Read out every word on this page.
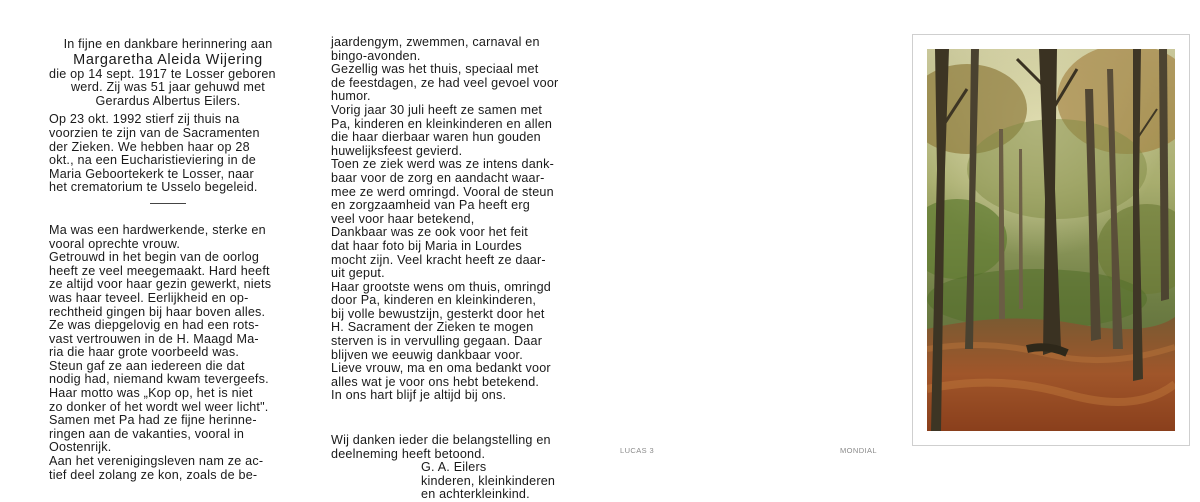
In fijne en dankbare herinnering aan

Margaretha Aleida Wijering

die op 14 sept. 1917 te Losser geboren

werd. Zij was 51 jaar gehuwd met

Gerardus Albertus Eilers.

Op 23 okt. 1992 stierf zij thuis na

voorzien te zijn van de Sacramenten

der Zieken. We hebben haar op 28

okt., na een Eucharistieviering in de

Maria Geboortekerk te Losser, naar

het crematorium te Usselo begeleid.

Ma was een hardwerkende, sterke en

vooral oprechte vrouw.

Getrouwd in het begin van de oorlog

heeft ze veel meegemaakt. Hard heeft

ze altijd voor haar gezin gewerkt, niets

was haar teveel. Eerlijkheid en op-

rechtheid gingen bij haar boven alles.

Ze was diepgelovig en had een rots-

vast vertrouwen in de H. Maagd Ma-

ria die haar grote voorbeeld was.

Steun gaf ze aan iedereen die dat

nodig had, niemand kwam tevergeefs.

Haar motto was „Kop op, het is niet

zo donker of het wordt wel weer licht".

Samen met Pa had ze fijne herinne-

ringen aan de vakanties, vooral in

Oostenrijk.

Aan het verenigingsleven nam ze ac-

tief deel zolang ze kon, zoals de be-

jaardengym, zwemmen, carnaval en

bingo-avonden.

Gezellig was het thuis, speciaal met

de feestdagen, ze had veel gevoel voor

humor.

Vorig jaar 30 juli heeft ze samen met

Pa, kinderen en kleinkinderen en allen

die haar dierbaar waren hun gouden

huwelijksfeest gevierd.

Toen ze ziek werd was ze intens dank-

baar voor de zorg en aandacht waar-

mee ze werd omringd. Vooral de steun

en zorgzaamheid van Pa heeft erg

veel voor haar betekend,

Dankbaar was ze ook voor het feit

dat haar foto bij Maria in Lourdes

mocht zijn. Veel kracht heeft ze daar-

uit geput.

Haar grootste wens om thuis, omringd

door Pa, kinderen en kleinkinderen,

bij volle bewustzijn, gesterkt door het

H. Sacrament der Zieken te mogen

sterven is in vervulling gegaan. Daar

blijven we eeuwig dankbaar voor.

Lieve vrouw, ma en oma bedankt voor

alles wat je voor ons hebt betekend.

In ons hart blijf je altijd bij ons.

Wij danken ieder die belangstelling en

deelneming heeft betoond.

G. A. Eilers

kinderen, kleinkinderen

en achterkleinkind.

LUCAS 3	MONDIAL
